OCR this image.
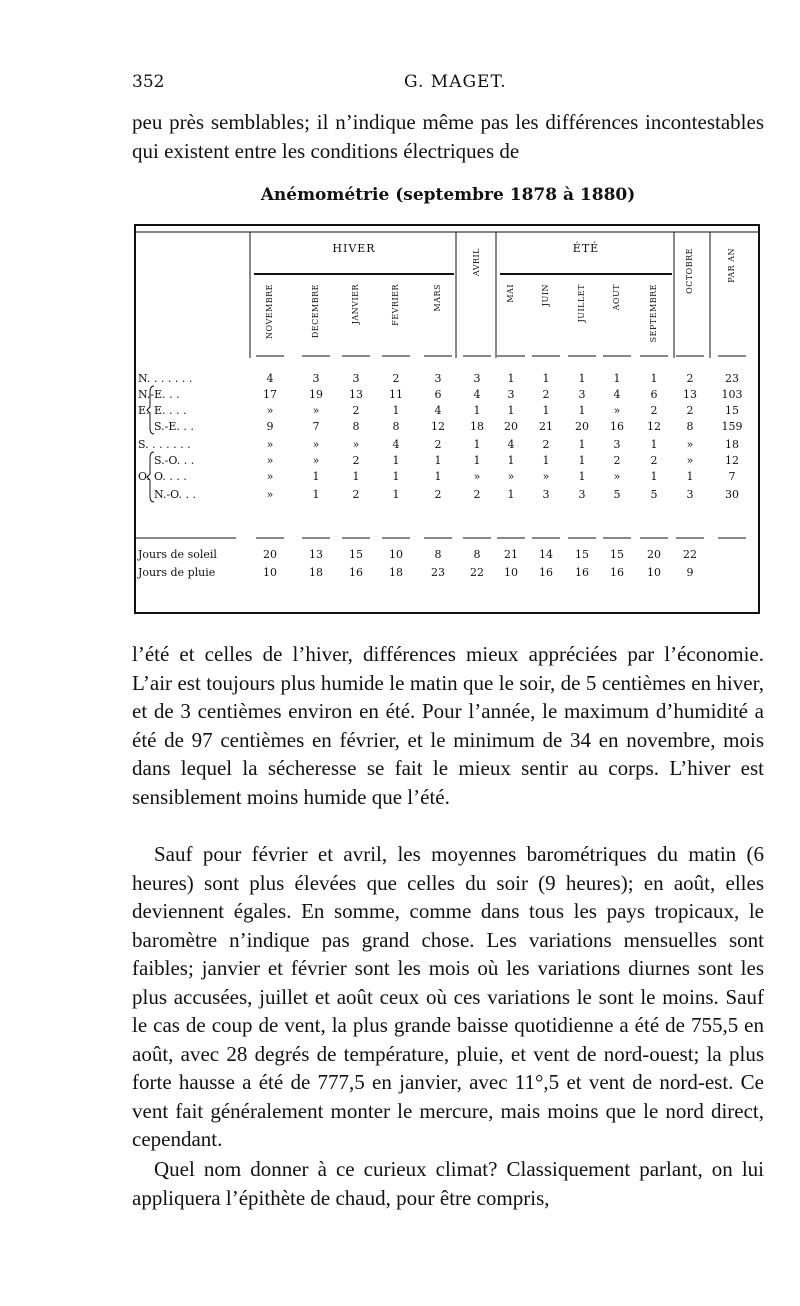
352	G. MAGET.
peu près semblables; il n’indique même pas les différences incontestables qui existent entre les conditions électriques de
Anémométrie (septembre 1878 à 1880)
HIVER	ÉTÉ
NOVEMBRE	DÉCEMBRE	JANVIER	FÉVRIER	MARS
AVRIL
MAI	JUIN	JUILLET	AOUT	SEPTEMBRE
OCTOBRE	PAR AN
N. . . . . . .	4	3	3	2	3	3	1	1	1	1	1	2	23
N.-E. . .	17	19	13	11	6	4	3	2	3	4	6	13	103
E. . . .	»	»	2	1	4	1	1	1	1	»	2	2	15
S.-E. . .	9	7	8	8	12	18	20	21	20	16	12	8	159
S. . . . . . .	»	»	»	4	2	1	4	2	1	3	1	»	18
S.-O. . .	»	»	2	1	1	1	1	1	1	2	2	»	12
O. . . .	»	1	1	1	1	»	»	»	1	»	1	1	7
N.-O. . .	»	1	2	1	2	2	1	3	3	5	5	3	30
E.
O.
Jours de soleil	20	13	15	10	8	8	21	14	15	15	20	22
Jours de pluie	10	18	16	18	23	22	10	16	16	16	10	9
l’été et celles de l’hiver, différences mieux appréciées par l’économie. L’air est toujours plus humide le matin que le soir, de 5 centièmes en hiver, et de 3 centièmes environ en été. Pour l’année, le maximum d’humidité a été de 97 centièmes en février, et le minimum de 34 en novembre, mois dans lequel la sécheresse se fait le mieux sentir au corps. L’hiver est sensiblement moins humide que l’été.
Sauf pour février et avril, les moyennes barométriques du matin (6 heures) sont plus élevées que celles du soir (9 heures); en août, elles deviennent égales. En somme, comme dans tous les pays tropicaux, le baromètre n’indique pas grand chose. Les variations mensuelles sont faibles; janvier et février sont les mois où les variations diurnes sont les plus accusées, juillet et août ceux où ces variations le sont le moins. Sauf le cas de coup de vent, la plus grande baisse quotidienne a été de 755,5 en août, avec 28 degrés de température, pluie, et vent de nord-ouest; la plus forte hausse a été de 777,5 en janvier, avec 11°,5 et vent de nord-est. Ce vent fait généralement monter le mercure, mais moins que le nord direct, cependant.
Quel nom donner à ce curieux climat? Classiquement parlant, on lui appliquera l’épithète de chaud, pour être compris,
